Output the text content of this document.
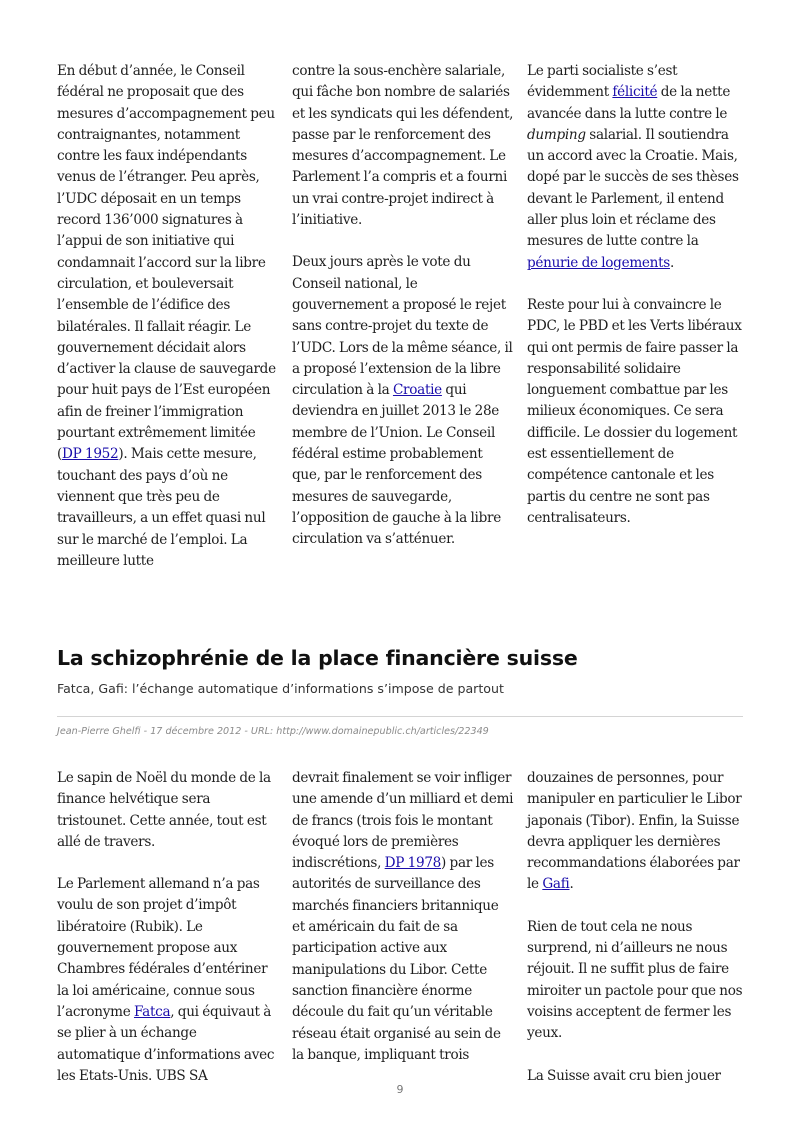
En début d’année, le Conseil fédéral ne proposait que des mesures d’accompagnement peu contraignantes, notamment contre les faux indépendants venus de l’étranger. Peu après, l’UDC déposait en un temps record 136’000 signatures à l’appui de son initiative qui condamnait l’accord sur la libre circulation, et bouleversait l’ensemble de l’édifice des bilatérales. Il fallait réagir. Le gouvernement décidait alors d’activer la clause de sauvegarde pour huit pays de l’Est européen afin de freiner l’immigration pourtant extrêmement limitée (DP 1952). Mais cette mesure, touchant des pays d’où ne viennent que très peu de travailleurs, a un effet quasi nul sur le marché de l’emploi. La meilleure lutte

contre la sous-enchère salariale, qui fâche bon nombre de salariés et les syndicats qui les défendent, passe par le renforcement des mesures d’accompagnement. Le Parlement l’a compris et a fourni un vrai contre-projet indirect à l’initiative.

Deux jours après le vote du Conseil national, le gouvernement a proposé le rejet sans contre-projet du texte de l’UDC. Lors de la même séance, il a proposé l’extension de la libre circulation à la Croatie qui deviendra en juillet 2013 le 28e membre de l’Union. Le Conseil fédéral estime probablement que, par le renforcement des mesures de sauvegarde, l’opposition de gauche à la libre circulation va s’atténuer.

Le parti socialiste s’est évidemment félicité de la nette avancée dans la lutte contre le dumping salarial. Il soutiendra un accord avec la Croatie. Mais, dopé par le succès de ses thèses devant le Parlement, il entend aller plus loin et réclame des mesures de lutte contre la pénurie de logements.

Reste pour lui à convaincre le PDC, le PBD et les Verts libéraux qui ont permis de faire passer la responsabilité solidaire longuement combattue par les milieux économiques. Ce sera difficile. Le dossier du logement est essentiellement de compétence cantonale et les partis du centre ne sont pas centralisateurs.

La schizophrénie de la place financière suisse
Fatca, Gafi: l’échange automatique d’informations s’impose de partout
Jean-Pierre Ghelfi - 17 décembre 2012 - URL: http://www.domainepublic.ch/articles/22349

Le sapin de Noël du monde de la finance helvétique sera tristounet. Cette année, tout est allé de travers.

Le Parlement allemand n’a pas voulu de son projet d’impôt libératoire (Rubik). Le gouvernement propose aux Chambres fédérales d’entériner la loi américaine, connue sous l’acronyme Fatca, qui équivaut à se plier à un échange automatique d’informations avec les Etats-Unis. UBS SA

devrait finalement se voir infliger une amende d’un milliard et demi de francs (trois fois le montant évoqué lors de premières indiscrétions, DP 1978) par les autorités de surveillance des marchés financiers britannique et américain du fait de sa participation active aux manipulations du Libor. Cette sanction financière énorme découle du fait qu’un véritable réseau était organisé au sein de la banque, impliquant trois

douzaines de personnes, pour manipuler en particulier le Libor japonais (Tibor). Enfin, la Suisse devra appliquer les dernières recommandations élaborées par le Gafi.

Rien de tout cela ne nous surprend, ni d’ailleurs ne nous réjouit. Il ne suffit plus de faire miroiter un pactole pour que nos voisins acceptent de fermer les yeux.

La Suisse avait cru bien jouer

9
